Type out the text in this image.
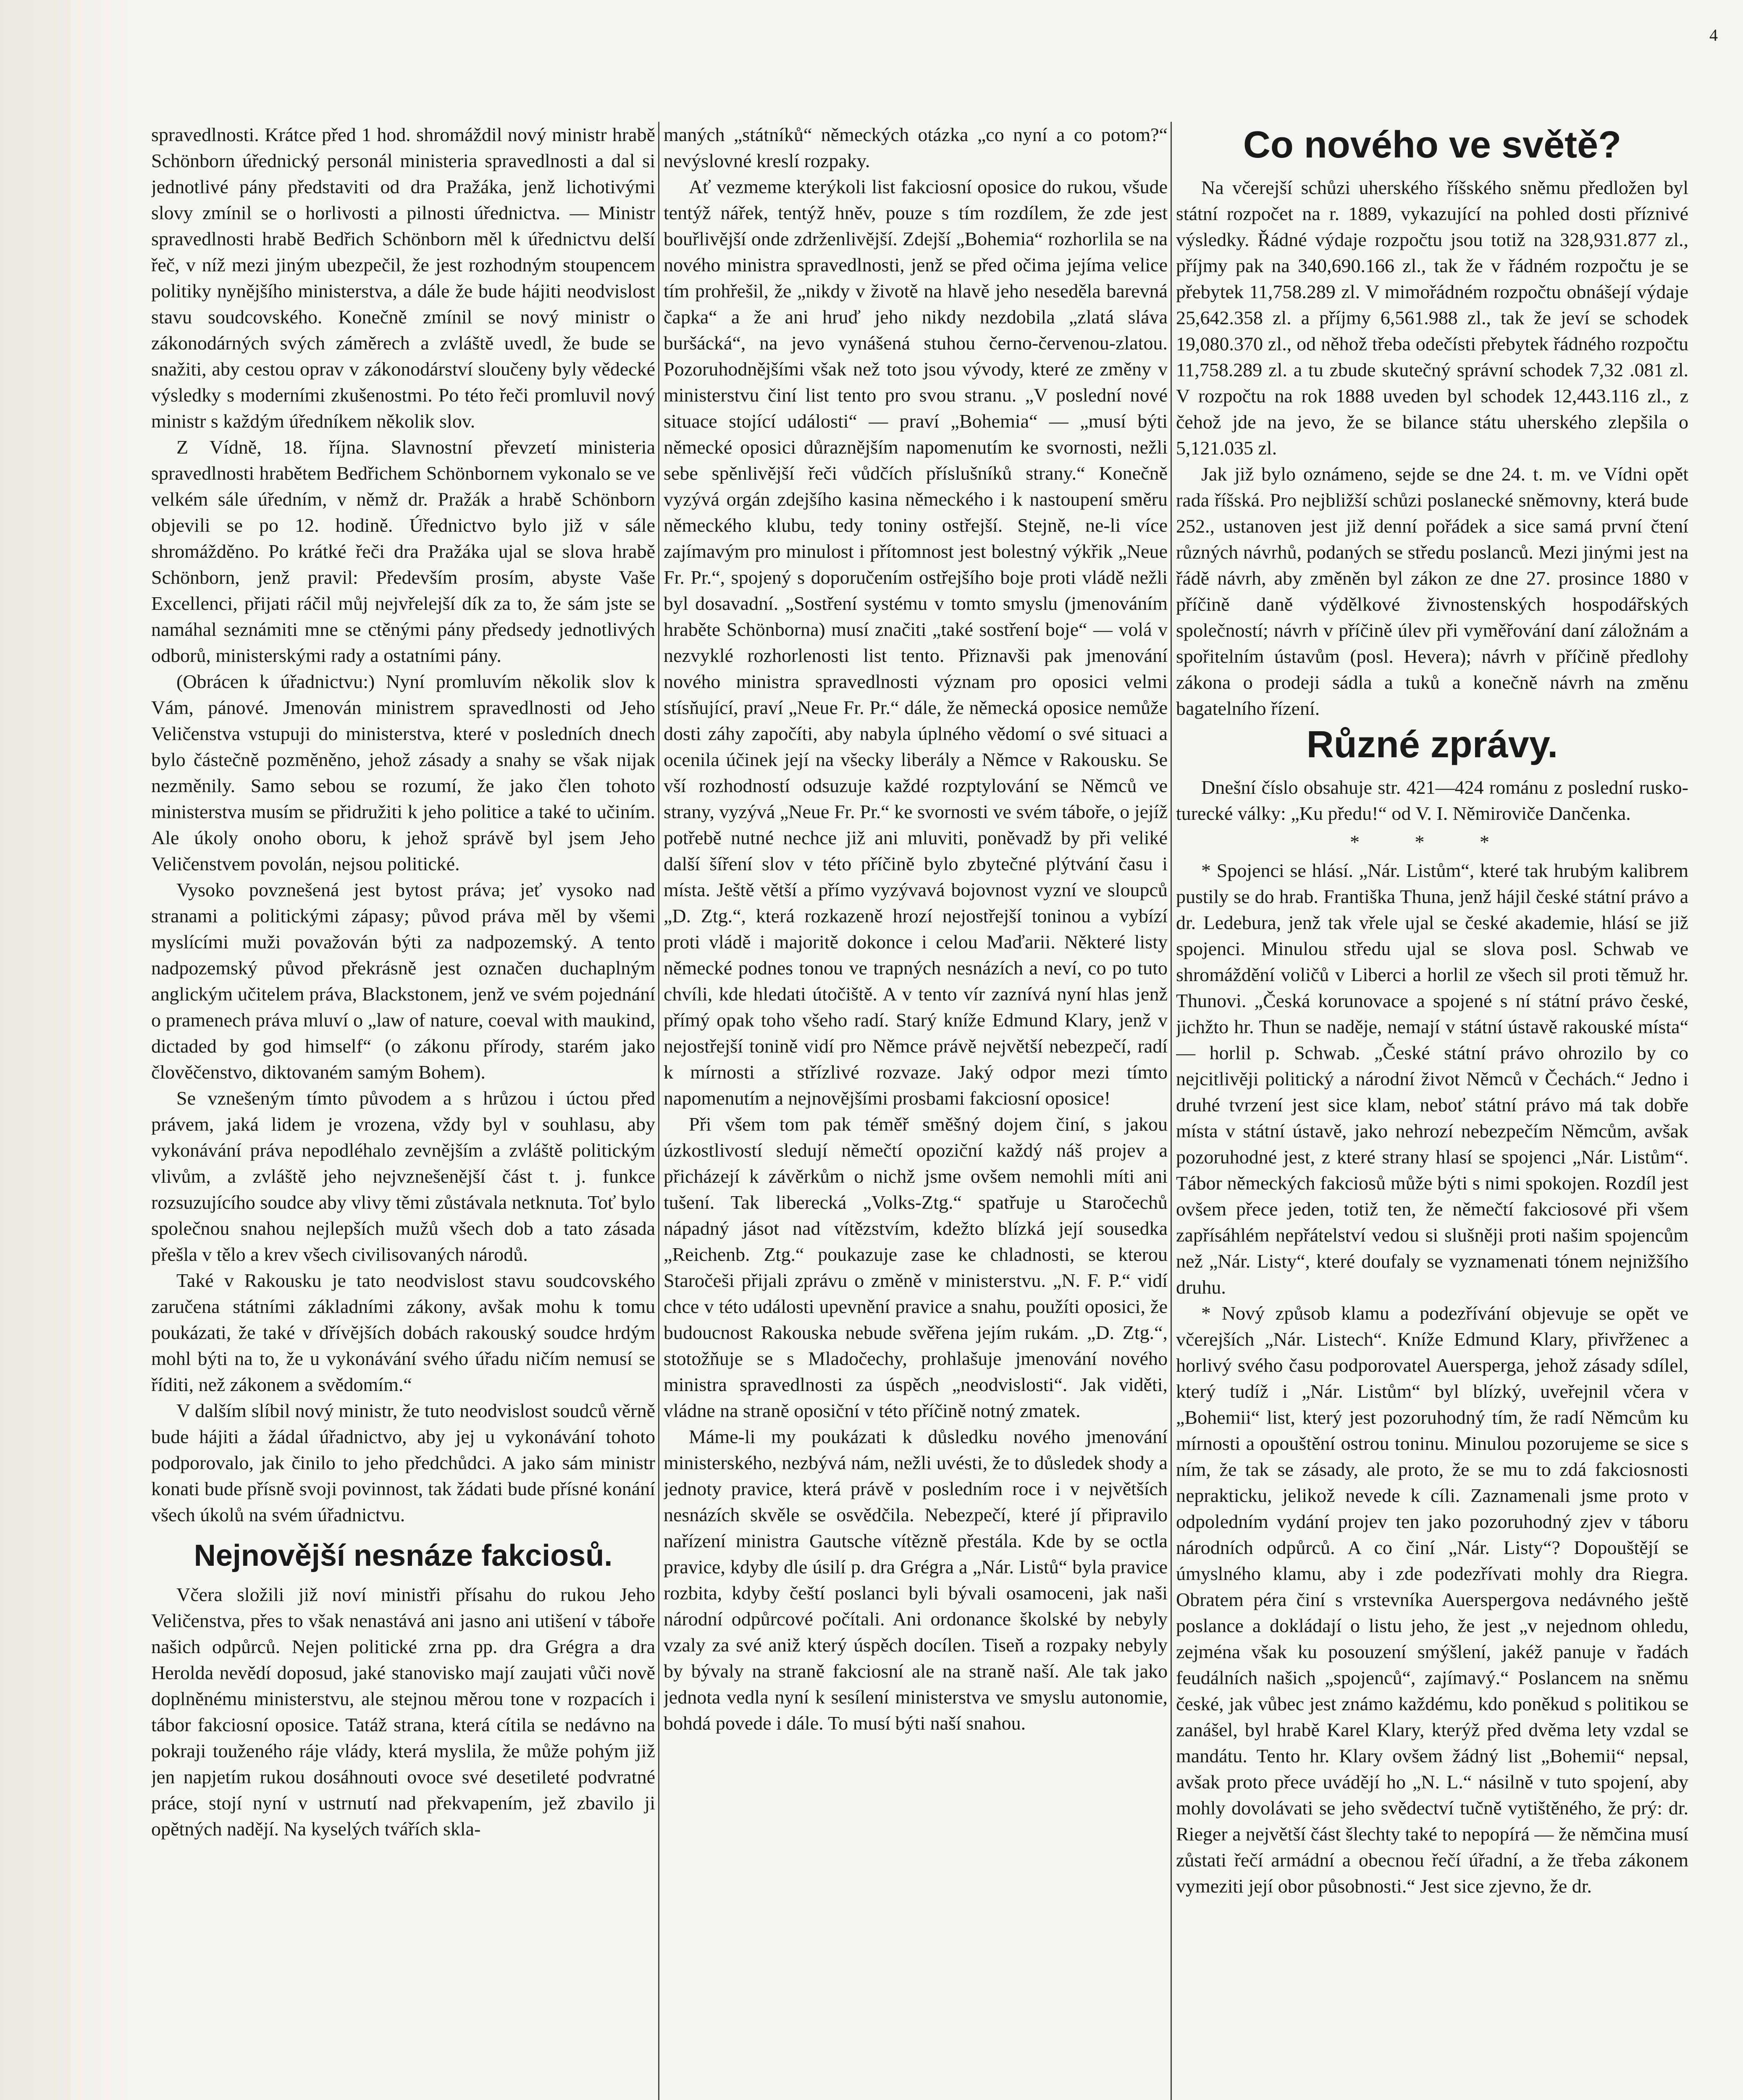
4

spravedlnosti. Krátce před 1 hod. shromáždil nový ministr hrabě Schönborn úřednický personál ministeria spravedlnosti a dal si jednotlivé pány představiti od dra Pražáka, jenž lichotivými slovy zmínil se o horlivosti a pilnosti úřednictva. — Ministr spravedlnosti hrabě Bedřich Schönborn měl k úřednictvu delší řeč, v níž mezi jiným ubezpečil, že jest rozhodným stoupencem politiky nynějšího ministerstva, a dále že bude hájiti neodvislost stavu soudcovského. Konečně zmínil se nový ministr o zákonodárných svých záměrech a zvláště uvedl, že bude se snažiti, aby cestou oprav v zákonodárství sloučeny byly vědecké výsledky s moderními zkušenostmi. Po této řeči promluvil nový ministr s každým úředníkem několik slov.

Z Vídně, 18. října. Slavnostní převzetí ministeria spravedlnosti hrabětem Bedřichem Schönbornem vykonalo se ve velkém sále úředním, v němž dr. Pražák a hrabě Schönborn objevili se po 12. hodině. Úřednictvo bylo již v sále shromážděno. Po krátké řeči dra Pražáka ujal se slova hrabě Schönborn, jenž pravil: Především prosím, abyste Vaše Excellenci, přijati ráčil můj nejvřelejší dík za to, že sám jste se namáhal seznámiti mne se ctěnými pány předsedy jednotlivých odborů, ministerskými rady a ostatními pány.

(Obrácen k úřadnictvu:) Nyní promluvím několik slov k Vám, pánové. Jmenován ministrem spravedlnosti od Jeho Veličenstva vstupuji do ministerstva, které v posledních dnech bylo částečně pozměněno, jehož zásady a snahy se však nijak nezměnily. Samo sebou se rozumí, že jako člen tohoto ministerstva musím se přidružiti k jeho politice a také to učiním. Ale úkoly onoho oboru, k jehož správě byl jsem Jeho Veličenstvem povolán, nejsou politické.

Vysoko povznešená jest bytost práva; jeť vysoko nad stranami a politickými zápasy; původ práva měl by všemi myslícími muži považován býti za nadpozemský. A tento nadpozemský původ překrásně jest označen duchaplným anglickým učitelem práva, Blackstonem, jenž ve svém pojednání o pramenech práva mluví o „law of nature, coeval with maukind, dictaded by god himself“ (o zákonu přírody, starém jako člověčenstvo, diktovaném samým Bohem).

Se vznešeným tímto původem a s hrůzou i úctou před právem, jaká lidem je vrozena, vždy byl v souhlasu, aby vykonávání práva nepodléhalo zevnějším a zvláště politickým vlivům, a zvláště jeho nejvznešenější část t. j. funkce rozsuzujícího soudce aby vlivy těmi zůstávala netknuta. Toť bylo společnou snahou nejlepších mužů všech dob a tato zásada přešla v tělo a krev všech civilisovaných národů.

Také v Rakousku je tato neodvislost stavu soudcovského zaručena státními základními zákony, avšak mohu k tomu poukázati, že také v dřívějších dobách rakouský soudce hrdým mohl býti na to, že u vykonávání svého úřadu ničím nemusí se říditi, než zákonem a svědomím.“

V dalším slíbil nový ministr, že tuto neodvislost soudců věrně bude hájiti a žádal úřadnictvo, aby jej u vykonávání tohoto podporovalo, jak činilo to jeho předchůdci. A jako sám ministr konati bude přísně svoji povinnost, tak žádati bude přísné konání všech úkolů na svém úřadnictvu.

Nejnovější nesnáze fakciosů.

Včera složili již noví ministři přísahu do rukou Jeho Veličenstva, přes to však nenastává ani jasno ani utišení v táboře našich odpůrců. Nejen politické zrna pp. dra Grégra a dra Herolda nevědí doposud, jaké stanovisko mají zaujati vůči nově doplněnému ministerstvu, ale stejnou měrou tone v rozpacích i tábor fakciosní oposice. Tatáž strana, která cítila se nedávno na pokraji touženého ráje vlády, která myslila, že může pohým již jen napjetím rukou dosáhnouti ovoce své desetileté podvratné práce, stojí nyní v ustrnutí nad překvapením, jež zbavilo ji opětných nadějí. Na kyselých tvářích skla-

maných „státníků“ německých otázka „co nyní a co potom?“ nevýslovné kreslí rozpaky.

Ať vezmeme kterýkoli list fakciosní oposice do rukou, všude tentýž nářek, tentýž hněv, pouze s tím rozdílem, že zde jest bouřlivější onde zdrženlivější. Zdejší „Bohemia“ rozhorlila se na nového ministra spravedlnosti, jenž se před očima jejíma velice tím prohřešil, že „nikdy v životě na hlavě jeho neseděla barevná čapka“ a že ani hruď jeho nikdy nezdobila „zlatá sláva buršácká“, na jevo vynášená stuhou černo-červenou-zlatou. Pozoruhodnějšími však než toto jsou vývody, které ze změny v ministerstvu činí list tento pro svou stranu. „V poslední nové situace stojící události“ — praví „Bohemia“ — „musí býti německé oposici důraznějším napomenutím ke svornosti, nežli sebe spěnlivější řeči vůdčích příslušníků strany.“ Konečně vyzývá orgán zdejšího kasina německého i k nastoupení směru německého klubu, tedy toniny ostřejší. Stejně, ne-li více zajímavým pro minulost i přítomnost jest bolestný výkřik „Neue Fr. Pr.“, spojený s doporučením ostřejšího boje proti vládě nežli byl dosavadní. „Sostření systému v tomto smyslu (jmenováním hraběte Schönborna) musí značiti „také sostření boje“ — volá v nezvyklé rozhorlenosti list tento. Přiznavši pak jmenování nového ministra spravedlnosti význam pro oposici velmi stísňující, praví „Neue Fr. Pr.“ dále, že německá oposice nemůže dosti záhy započíti, aby nabyla úplného vědomí o své situaci a ocenila účinek její na všecky liberály a Němce v Rakousku. Se vší rozhodností odsuzuje každé rozptylování se Němců ve strany, vyzývá „Neue Fr. Pr.“ ke svornosti ve svém táboře, o jejíž potřebě nutné nechce již ani mluviti, poněvadž by při veliké další šíření slov v této příčině bylo zbytečné plýtvání času i místa. Ještě větší a přímo vyzývavá bojovnost vyzní ve sloupců „D. Ztg.“, která rozkazeně hrozí nejostřejší toninou a vybízí proti vládě i majoritě dokonce i celou Maďarii. Některé listy německé podnes tonou ve trapných nesnázích a neví, co po tuto chvíli, kde hledati útočiště. A v tento vír zaznívá nyní hlas jenž přímý opak toho všeho radí. Starý kníže Edmund Klary, jenž v nejostřejší tonině vidí pro Němce právě největší nebezpečí, radí k mírnosti a střízlivé rozvaze. Jaký odpor mezi tímto napomenutím a nejnovějšími prosbami fakciosní oposice!

Při všem tom pak téměř směšný dojem činí, s jakou úzkostlivostí sledují němečtí opoziční každý náš projev a přicházejí k závěrkům o nichž jsme ovšem nemohli míti ani tušení. Tak liberecká „Volks-Ztg.“ spatřuje u Staročechů nápadný jásot nad vítězstvím, kdežto blízká její sousedka „Reichenb. Ztg.“ poukazuje zase ke chladnosti, se kterou Staročeši přijali zprávu o změně v ministerstvu. „N. F. P.“ vidí chce v této události upevnění pravice a snahu, použíti oposici, že budoucnost Rakouska nebude svěřena jejím rukám. „D. Ztg.“, stotožňuje se s Mladočechy, prohlašuje jmenování nového ministra spravedlnosti za úspěch „neodvislosti“. Jak viděti, vládne na straně oposiční v této příčině notný zmatek.

Máme-li my poukázati k důsledku nového jmenování ministerského, nezbývá nám, nežli uvésti, že to důsledek shody a jednoty pravice, která právě v posledním roce i v největších nesnázích skvěle se osvědčila. Nebezpečí, které jí připravilo nařízení ministra Gautsche vítězně přestála. Kde by se octla pravice, kdyby dle úsilí p. dra Grégra a „Nár. Listů“ byla pravice rozbita, kdyby čeští poslanci byli bývali osamoceni, jak naši národní odpůrcové počítali. Ani ordonance školské by nebyly vzaly za své aniž který úspěch docílen. Tiseň a rozpaky nebyly by bývaly na straně fakciosní ale na straně naší. Ale tak jako jednota vedla nyní k sesílení ministerstva ve smyslu autonomie, bohdá povede i dále. To musí býti naší snahou.

Co nového ve světě?

Na včerejší schůzi uherského říšského sněmu předložen byl státní rozpočet na r. 1889, vykazující na pohled dosti příznivé výsledky. Řádné výdaje rozpočtu jsou totiž na 328,931.877 zl., příjmy pak na 340,690.166 zl., tak že v řádném rozpočtu je se přebytek 11,758.289 zl. V mimořádném rozpočtu obnášejí výdaje 25,642.358 zl. a příjmy 6,561.988 zl., tak že jeví se schodek 19,080.370 zl., od něhož třeba odečísti přebytek řádného rozpočtu 11,758.289 zl. a tu zbude skutečný správní schodek 7,32 .081 zl. V rozpočtu na rok 1888 uveden byl schodek 12,443.116 zl., z čehož jde na jevo, že se bilance státu uherského zlepšila o 5,121.035 zl.

Jak již bylo oznámeno, sejde se dne 24. t. m. ve Vídni opět rada říšská. Pro nejbližší schůzi poslanecké sněmovny, která bude 252., ustanoven jest již denní pořádek a sice samá první čtení různých návrhů, podaných se středu poslanců. Mezi jinými jest na řádě návrh, aby změněn byl zákon ze dne 27. prosince 1880 v příčině daně výdělkové živnostenských hospodářských společností; návrh v příčině úlev při vyměřování daní záložnám a spořitelním ústavům (posl. Hevera); návrh v příčině předlohy zákona o prodeji sádla a tuků a konečně návrh na změnu bagatelního řízení.

Různé zprávy.

Dnešní číslo obsahuje str. 421—424 románu z poslední rusko-turecké války: „Ku předu!“ od V. I. Němiroviče Dančenka.

* * *

* Spojenci se hlásí. „Nár. Listům“, které tak hrubým kalibrem pustily se do hrab. Františka Thuna, jenž hájil české státní právo a dr. Ledebura, jenž tak vřele ujal se české akademie, hlásí se již spojenci. Minulou středu ujal se slova posl. Schwab ve shromáždění voličů v Liberci a horlil ze všech sil proti těmuž hr. Thunovi. „Česká korunovace a spojené s ní státní právo české, jichžto hr. Thun se naděje, nemají v státní ústavě rakouské místa“ — horlil p. Schwab. „České státní právo ohrozilo by co nejcitlivěji politický a národní život Němců v Čechách.“ Jedno i druhé tvrzení jest sice klam, neboť státní právo má tak dobře místa v státní ústavě, jako nehrozí nebezpečím Němcům, avšak pozoruhodné jest, z které strany hlasí se spojenci „Nár. Listům“. Tábor německých fakciosů může býti s nimi spokojen. Rozdíl jest ovšem přece jeden, totiž ten, že němečtí fakciosové při všem zapřísáhlém nepřátelství vedou si slušněji proti našim spojencům než „Nár. Listy“, které doufaly se vyznamenati tónem nejnižšího druhu.

* Nový způsob klamu a podezřívání objevuje se opět ve včerejších „Nár. Listech“. Kníže Edmund Klary, přivřženec a horlivý svého času podporovatel Auersperga, jehož zásady sdílel, který tudíž i „Nár. Listům“ byl blízký, uveřejnil včera v „Bohemii“ list, který jest pozoruhodný tím, že radí Němcům ku mírnosti a opouštění ostrou toninu. Minulou pozorujeme se sice s ním, že tak se zásady, ale proto, že se mu to zdá fakciosnosti neprakticku, jelikož nevede k cíli. Zaznamenali jsme proto v odpoledním vydání projev ten jako pozoruhodný zjev v táboru národních odpůrců. A co činí „Nár. Listy“? Dopouštějí se úmyslného klamu, aby i zde podezřívati mohly dra Riegra. Obratem péra činí s vrstevníka Auerspergova nedávného ještě poslance a dokládají o listu jeho, že jest „v nejednom ohledu, zejména však ku posouzení smýšlení, jakéž panuje v řadách feudálních našich „spojenců“, zajímavý.“ Poslancem na sněmu české, jak vůbec jest známo každému, kdo poněkud s politikou se zanášel, byl hrabě Karel Klary, kterýž před dvěma lety vzdal se mandátu. Tento hr. Klary ovšem žádný list „Bohemii“ nepsal, avšak proto přece uvádějí ho „N. L.“ násilně v tuto spojení, aby mohly dovolávati se jeho svědectví tučně vytištěného, že prý: dr. Rieger a největší část šlechty také to nepopírá — že němčina musí zůstati řečí armádní a obecnou řečí úřadní, a že třeba zákonem vymeziti její obor působnosti.“ Jest sice zjevno, že dr.
